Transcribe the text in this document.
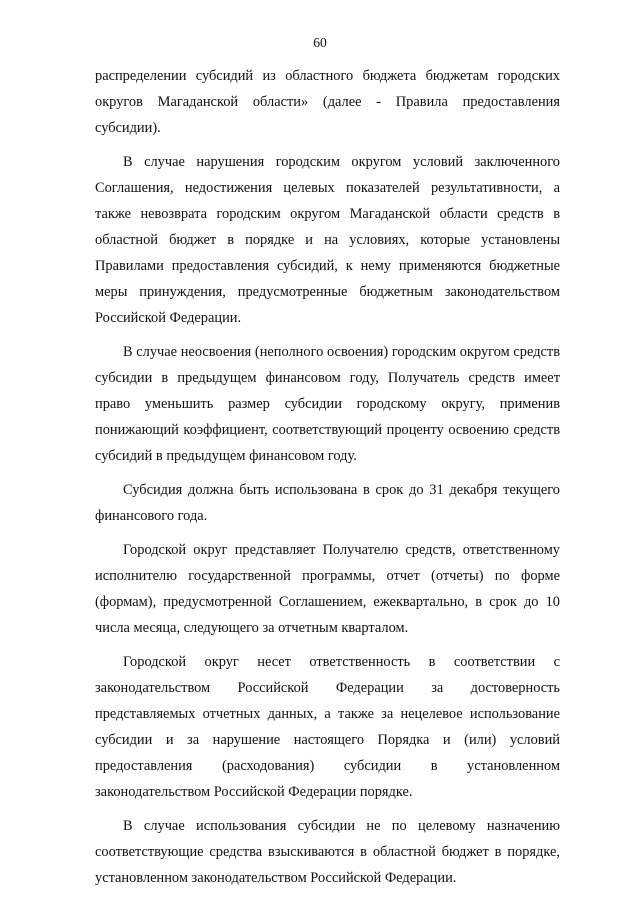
60

распределении субсидий из областного бюджета бюджетам городских округов Магаданской области» (далее - Правила предоставления субсидии).

В случае нарушения городским округом условий заключенного Соглашения, недостижения целевых показателей результативности, а также невозврата городским округом Магаданской области средств в областной бюджет в порядке и на условиях, которые установлены Правилами предоставления субсидий, к нему применяются бюджетные меры принуждения, предусмотренные бюджетным законодательством Российской Федерации.

В случае неосвоения (неполного освоения) городским округом средств субсидии в предыдущем финансовом году, Получатель средств имеет право уменьшить размер субсидии городскому округу, применив понижающий коэффициент, соответствующий проценту освоению средств субсидий в предыдущем финансовом году.

Субсидия должна быть использована в срок до 31 декабря текущего финансового года.

Городской округ представляет Получателю средств, ответственному исполнителю государственной программы, отчет (отчеты) по форме (формам), предусмотренной Соглашением, ежеквартально, в срок до 10 числа месяца, следующего за отчетным кварталом.

Городской округ несет ответственность в соответствии с законодательством Российской Федерации за достоверность представляемых отчетных данных, а также за нецелевое использование субсидии и за нарушение настоящего Порядка и (или) условий предоставления (расходования) субсидии в установленном законодательством Российской Федерации порядке.

В случае использования субсидии не по целевому назначению соответствующие средства взыскиваются в областной бюджет в порядке, установленном законодательством Российской Федерации.
